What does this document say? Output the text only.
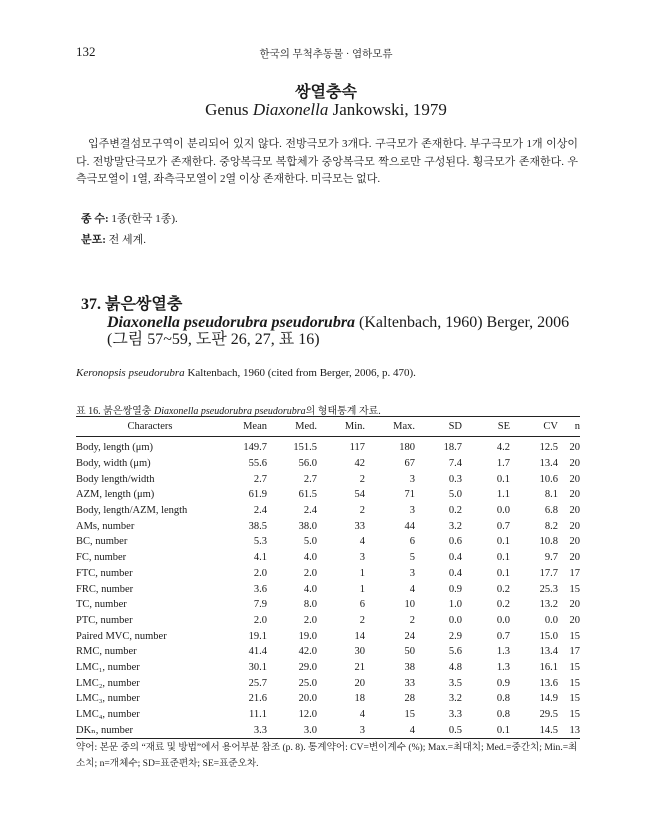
132	한국의 무척추동물 · 염하모류
쌍열충속
Genus Diaxonella Jankowski, 1979

입주변결섬모구역이 분리되어 있지 않다. 전방극모가 3개다. 구극모가 존재한다. 부구극모가 1개 이상이다. 전방말단극모가 존재한다. 중앙복극모 복합체가 중앙복극모 짝으로만 구성된다. 횡극모가 존재한다. 우측극모열이 1열, 좌측극모열이 2열 이상 존재한다. 미극모는 없다.

종 수: 1종(한국 1종).
분포: 전 세계.
37. 붉은쌍열충
Diaxonella pseudorubra pseudorubra (Kaltenbach, 1960) Berger, 2006
(그림 57~59, 도판 26, 27, 표 16)
Keronopsis pseudorubra Kaltenbach, 1960 (cited from Berger, 2006, p. 470).
표 16. 붉은쌍열충 Diaxonella pseudorubra pseudorubra의 형태통계 자료.
Characters	Mean	Med.	Min.	Max.	SD	SE	CV	n
Body, length (μm)	149.7	151.5	117	180	18.7	4.2	12.5	20
Body, width (μm)	55.6	56.0	42	67	7.4	1.7	13.4	20
Body length/width	2.7	2.7	2	3	0.3	0.1	10.6	20
AZM, length (μm)	61.9	61.5	54	71	5.0	1.1	8.1	20
Body, length/AZM, length	2.4	2.4	2	3	0.2	0.0	6.8	20
AMs, number	38.5	38.0	33	44	3.2	0.7	8.2	20
BC, number	5.3	5.0	4	6	0.6	0.1	10.8	20
FC, number	4.1	4.0	3	5	0.4	0.1	9.7	20
FTC, number	2.0	2.0	1	3	0.4	0.1	17.7	17
FRC, number	3.6	4.0	1	4	0.9	0.2	25.3	15
TC, number	7.9	8.0	6	10	1.0	0.2	13.2	20
PTC, number	2.0	2.0	2	2	0.0	0.0	0.0	20
Paired MVC, number	19.1	19.0	14	24	2.9	0.7	15.0	15
RMC, number	41.4	42.0	30	50	5.6	1.3	13.4	17
LMC₁, number	30.1	29.0	21	38	4.8	1.3	16.1	15
LMC₂, number	25.7	25.0	20	33	3.5	0.9	13.6	15
LMC₃, number	21.6	20.0	18	28	3.2	0.8	14.9	15
LMC₄, number	11.1	12.0	4	15	3.3	0.8	29.5	15
DKₙ, number	3.3	3.0	3	4	0.5	0.1	14.5	13
약어: 본문 중의 “재료 및 방법”에서 용어부분 참조 (p. 8). 통계약어: CV=변이계수 (%); Max.=최대치; Med.=중간치; Min.=최소치; n=개체수; SD=표준편차; SE=표준오차.
